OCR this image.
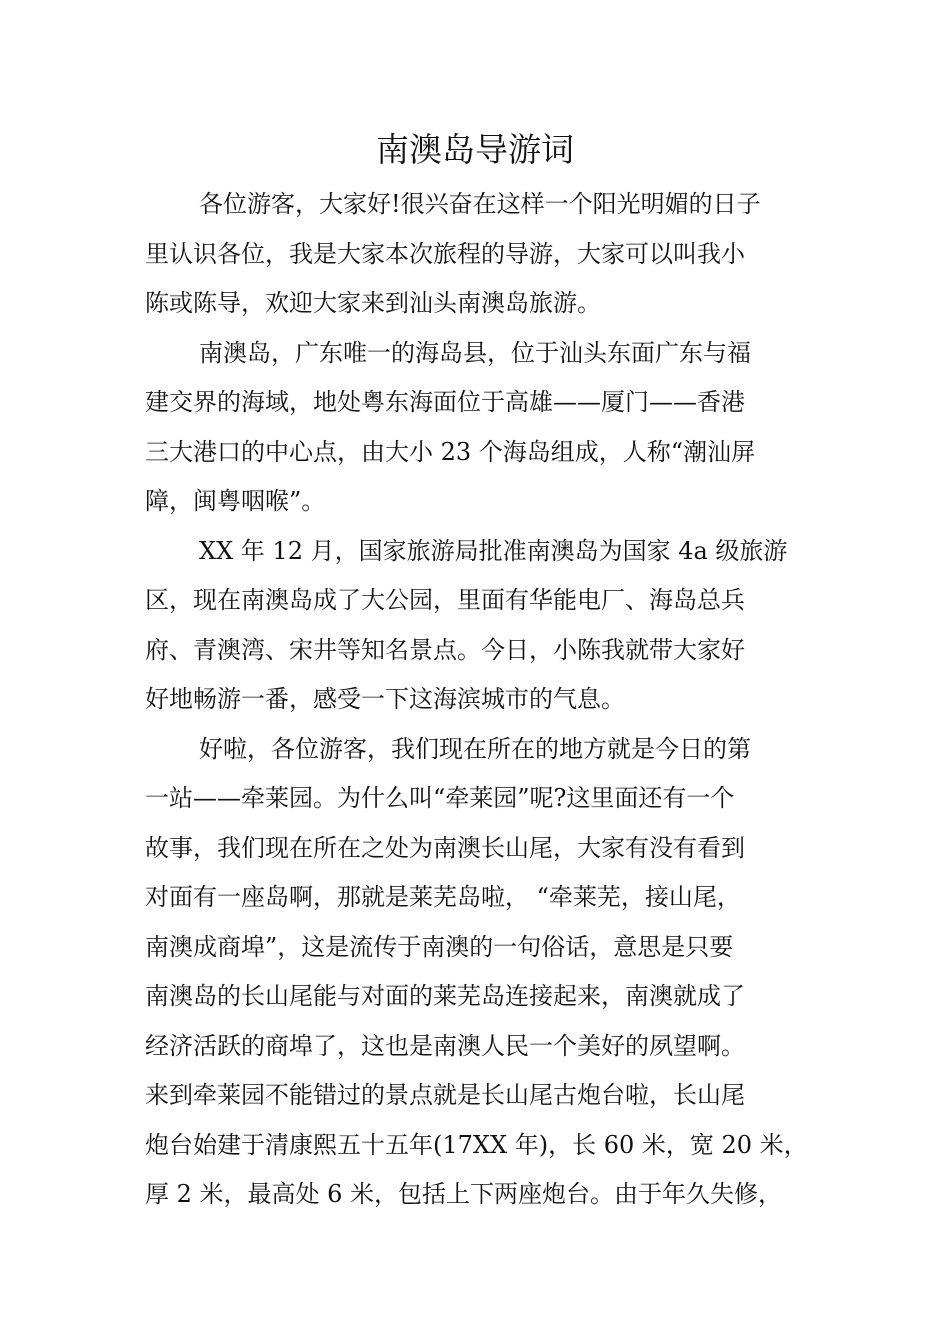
南澳岛导游词
各位游客，大家好!很兴奋在这样一个阳光明媚的日子
里认识各位，我是大家本次旅程的导游，大家可以叫我小
陈或陈导，欢迎大家来到汕头南澳岛旅游。
南澳岛，广东唯一的海岛县，位于汕头东面广东与福
建交界的海域，地处粤东海面位于高雄——厦门——香港
三大港口的中心点，由大小 23 个海岛组成，人称“潮汕屏
障，闽粤咽喉”。
XX 年 12 月，国家旅游局批准南澳岛为国家 4a 级旅游
区，现在南澳岛成了大公园，里面有华能电厂、海岛总兵
府、青澳湾、宋井等知名景点。今日，小陈我就带大家好
好地畅游一番，感受一下这海滨城市的气息。
好啦，各位游客，我们现在所在的地方就是今日的第
一站——牵莱园。为什么叫“牵莱园”呢?这里面还有一个
故事，我们现在所在之处为南澳长山尾，大家有没有看到
对面有一座岛啊，那就是莱芜岛啦， “牵莱芜，接山尾，
南澳成商埠”，这是流传于南澳的一句俗话，意思是只要
南澳岛的长山尾能与对面的莱芜岛连接起来，南澳就成了
经济活跃的商埠了，这也是南澳人民一个美好的夙望啊。
来到牵莱园不能错过的景点就是长山尾古炮台啦，长山尾
炮台始建于清康熙五十五年(17XX 年)，长 60 米，宽 20 米，
厚 2 米，最高处 6 米，包括上下两座炮台。由于年久失修，
